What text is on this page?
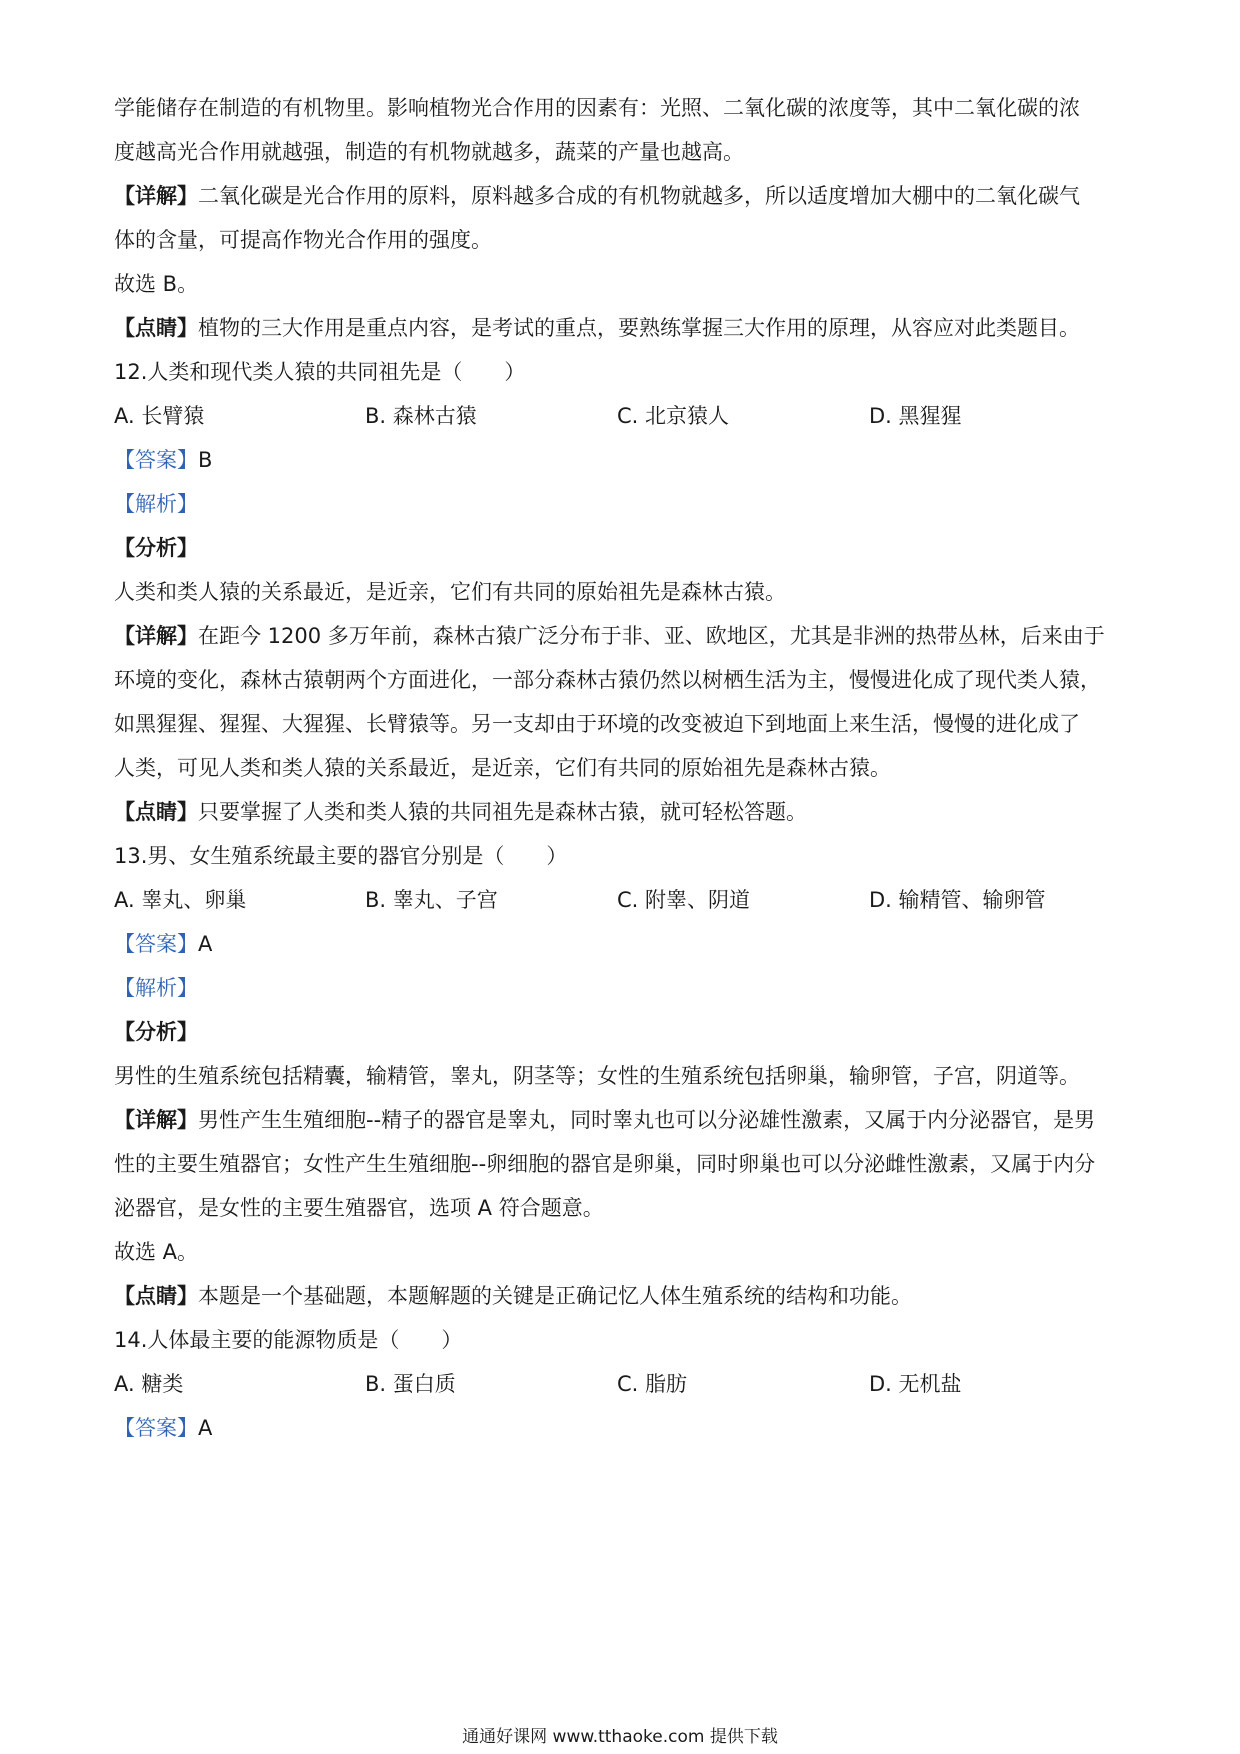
学能储存在制造的有机物里。影响植物光合作用的因素有：光照、二氧化碳的浓度等，其中二氧化碳的浓
度越高光合作用就越强，制造的有机物就越多，蔬菜的产量也越高。
【详解】二氧化碳是光合作用的原料，原料越多合成的有机物就越多，所以适度增加大棚中的二氧化碳气
体的含量，可提高作物光合作用的强度。
故选 B。
【点睛】植物的三大作用是重点内容，是考试的重点，要熟练掌握三大作用的原理，从容应对此类题目。
12.人类和现代类人猿的共同祖先是（　　）
A. 长臂猿	B. 森林古猿	C. 北京猿人	D. 黑猩猩
【答案】B
【解析】
【分析】
人类和类人猿的关系最近，是近亲，它们有共同的原始祖先是森林古猿。
【详解】在距今 1200 多万年前，森林古猿广泛分布于非、亚、欧地区，尤其是非洲的热带丛林，后来由于
环境的变化，森林古猿朝两个方面进化，一部分森林古猿仍然以树栖生活为主，慢慢进化成了现代类人猿，
如黑猩猩、猩猩、大猩猩、长臂猿等。另一支却由于环境的改变被迫下到地面上来生活，慢慢的进化成了
人类，可见人类和类人猿的关系最近，是近亲，它们有共同的原始祖先是森林古猿。
【点睛】只要掌握了人类和类人猿的共同祖先是森林古猿，就可轻松答题。
13.男、女生殖系统最主要的器官分别是（　　）
A. 睾丸、卵巢	B. 睾丸、子宫	C. 附睾、阴道	D. 输精管、输卵管
【答案】A
【解析】
【分析】
男性的生殖系统包括精囊，输精管，睾丸，阴茎等；女性的生殖系统包括卵巢，输卵管，子宫，阴道等。
【详解】男性产生生殖细胞--精子的器官是睾丸，同时睾丸也可以分泌雄性激素，又属于内分泌器官，是男
性的主要生殖器官；女性产生生殖细胞--卵细胞的器官是卵巢，同时卵巢也可以分泌雌性激素，又属于内分
泌器官，是女性的主要生殖器官，选项 A 符合题意。
故选 A。
【点睛】本题是一个基础题，本题解题的关键是正确记忆人体生殖系统的结构和功能。
14.人体最主要的能源物质是（　　）
A. 糖类	B. 蛋白质	C. 脂肪	D. 无机盐
【答案】A
通通好课网 www.tthaoke.com 提供下载
